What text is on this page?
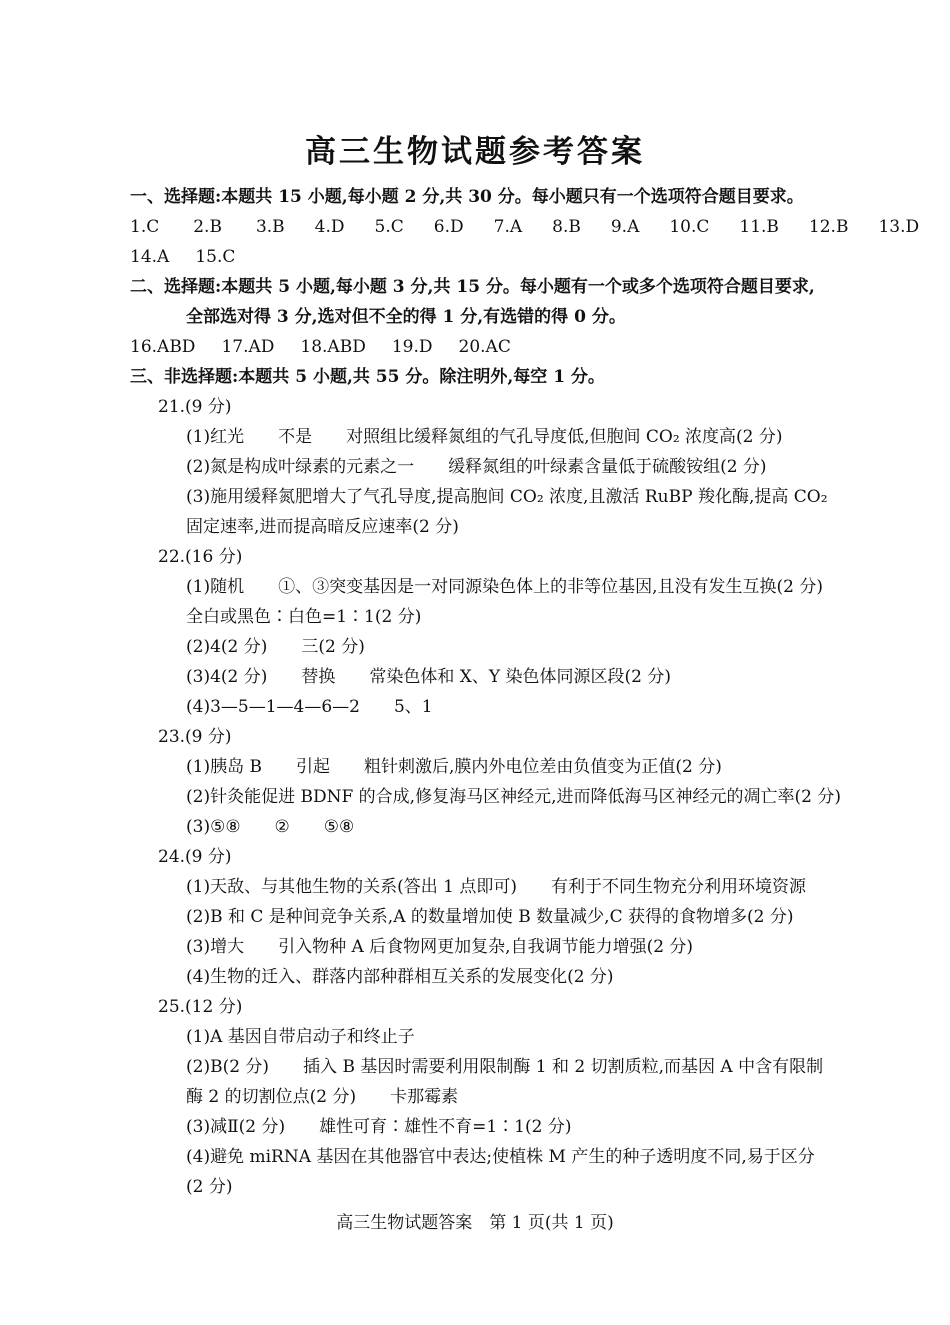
高三生物试题参考答案
一、选择题:本题共 15 小题,每小题 2 分,共 30 分。每小题只有一个选项符合题目要求。
1.C 2.B 3.B 4.D 5.C 6.D 7.A 8.B 9.A 10.C 11.B 12.B 13.D
14.A 15.C
二、选择题:本题共 5 小题,每小题 3 分,共 15 分。每小题有一个或多个选项符合题目要求,
全部选对得 3 分,选对但不全的得 1 分,有选错的得 0 分。
16.ABD 17.AD 18.ABD 19.D 20.AC
三、非选择题:本题共 5 小题,共 55 分。除注明外,每空 1 分。
21.(9 分)
(1)红光　　不是　　对照组比缓释氮组的气孔导度低,但胞间 CO₂ 浓度高(2 分)
(2)氮是构成叶绿素的元素之一　　缓释氮组的叶绿素含量低于硫酸铵组(2 分)
(3)施用缓释氮肥增大了气孔导度,提高胞间 CO₂ 浓度,且激活 RuBP 羧化酶,提高 CO₂
固定速率,进而提高暗反应速率(2 分)
22.(16 分)
(1)随机　　①、③突变基因是一对同源染色体上的非等位基因,且没有发生互换(2 分)
全白或黑色∶白色=1∶1(2 分)
(2)4(2 分)　　三(2 分)
(3)4(2 分)　　替换　　常染色体和 X、Y 染色体同源区段(2 分)
(4)3—5—1—4—6—2　　5、1
23.(9 分)
(1)胰岛 B　　引起　　粗针刺激后,膜内外电位差由负值变为正值(2 分)
(2)针灸能促进 BDNF 的合成,修复海马区神经元,进而降低海马区神经元的凋亡率(2 分)
(3)⑤⑧　　②　　⑤⑧
24.(9 分)
(1)天敌、与其他生物的关系(答出 1 点即可)　　有利于不同生物充分利用环境资源
(2)B 和 C 是种间竞争关系,A 的数量增加使 B 数量减少,C 获得的食物增多(2 分)
(3)增大　　引入物种 A 后食物网更加复杂,自我调节能力增强(2 分)
(4)生物的迁入、群落内部种群相互关系的发展变化(2 分)
25.(12 分)
(1)A 基因自带启动子和终止子
(2)B(2 分)　　插入 B 基因时需要利用限制酶 1 和 2 切割质粒,而基因 A 中含有限制
酶 2 的切割位点(2 分)　　卡那霉素
(3)减Ⅱ(2 分)　　雄性可育∶雄性不育=1∶1(2 分)
(4)避免 miRNA 基因在其他器官中表达;使植株 M 产生的种子透明度不同,易于区分
(2 分)
高三生物试题答案　第 1 页(共 1 页)
